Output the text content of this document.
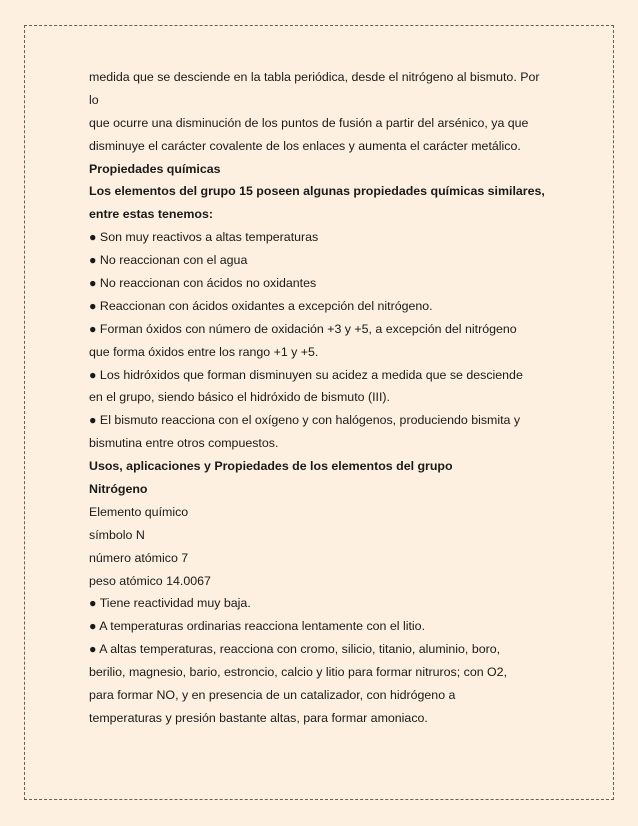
medida que se desciende en la tabla periódica, desde el nitrógeno al bismuto. Por
lo
que ocurre una disminución de los puntos de fusión a partir del arsénico, ya que
disminuye el carácter covalente de los enlaces y aumenta el carácter metálico.
Propiedades químicas
Los elementos del grupo 15 poseen algunas propiedades químicas similares,
entre estas tenemos:
● Son muy reactivos a altas temperaturas
● No reaccionan con el agua
● No reaccionan con ácidos no oxidantes
● Reaccionan con ácidos oxidantes a excepción del nitrógeno.
● Forman óxidos con número de oxidación +3 y +5, a excepción del nitrógeno
que forma óxidos entre los rango +1 y +5.
● Los hidróxidos que forman disminuyen su acidez a medida que se desciende
en el grupo, siendo básico el hidróxido de bismuto (III).
● El bismuto reacciona con el oxígeno y con halógenos, produciendo bismita y
bismutina entre otros compuestos.
Usos, aplicaciones y Propiedades de los elementos del grupo
Nitrógeno
Elemento químico
símbolo N
número atómico 7
peso atómico 14.0067
● Tiene reactividad muy baja.
● A temperaturas ordinarias reacciona lentamente con el litio.
● A altas temperaturas, reacciona con cromo, silicio, titanio, aluminio, boro,
berilio, magnesio, bario, estroncio, calcio y litio para formar nitruros; con O2,
para formar NO, y en presencia de un catalizador, con hidrógeno a
temperaturas y presión bastante altas, para formar amoniaco.
